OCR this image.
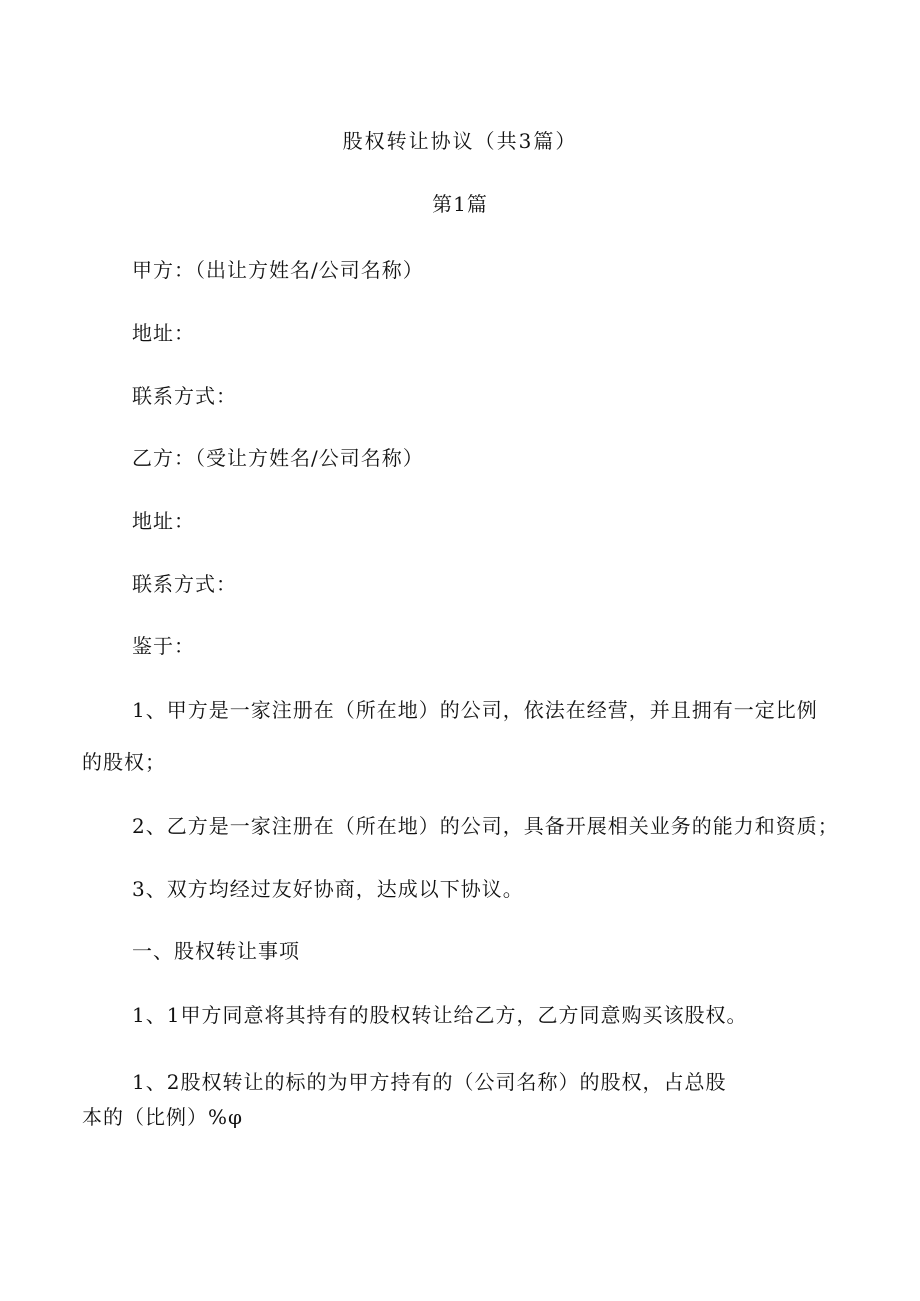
股权转让协议（共3篇）
第1篇
甲方：（出让方姓名/公司名称）
地址：
联系方式：
乙方：（受让方姓名/公司名称）
地址：
联系方式：
鉴于：
1、甲方是一家注册在（所在地）的公司，依法在经营，并且拥有一定比例
的股权；
2、乙方是一家注册在（所在地）的公司，具备开展相关业务的能力和资质；
3、双方均经过友好协商，达成以下协议。
一、股权转让事项
1、1甲方同意将其持有的股权转让给乙方，乙方同意购买该股权。
1、2股权转让的标的为甲方持有的（公司名称）的股权，占总股
本的（比例）%φ
